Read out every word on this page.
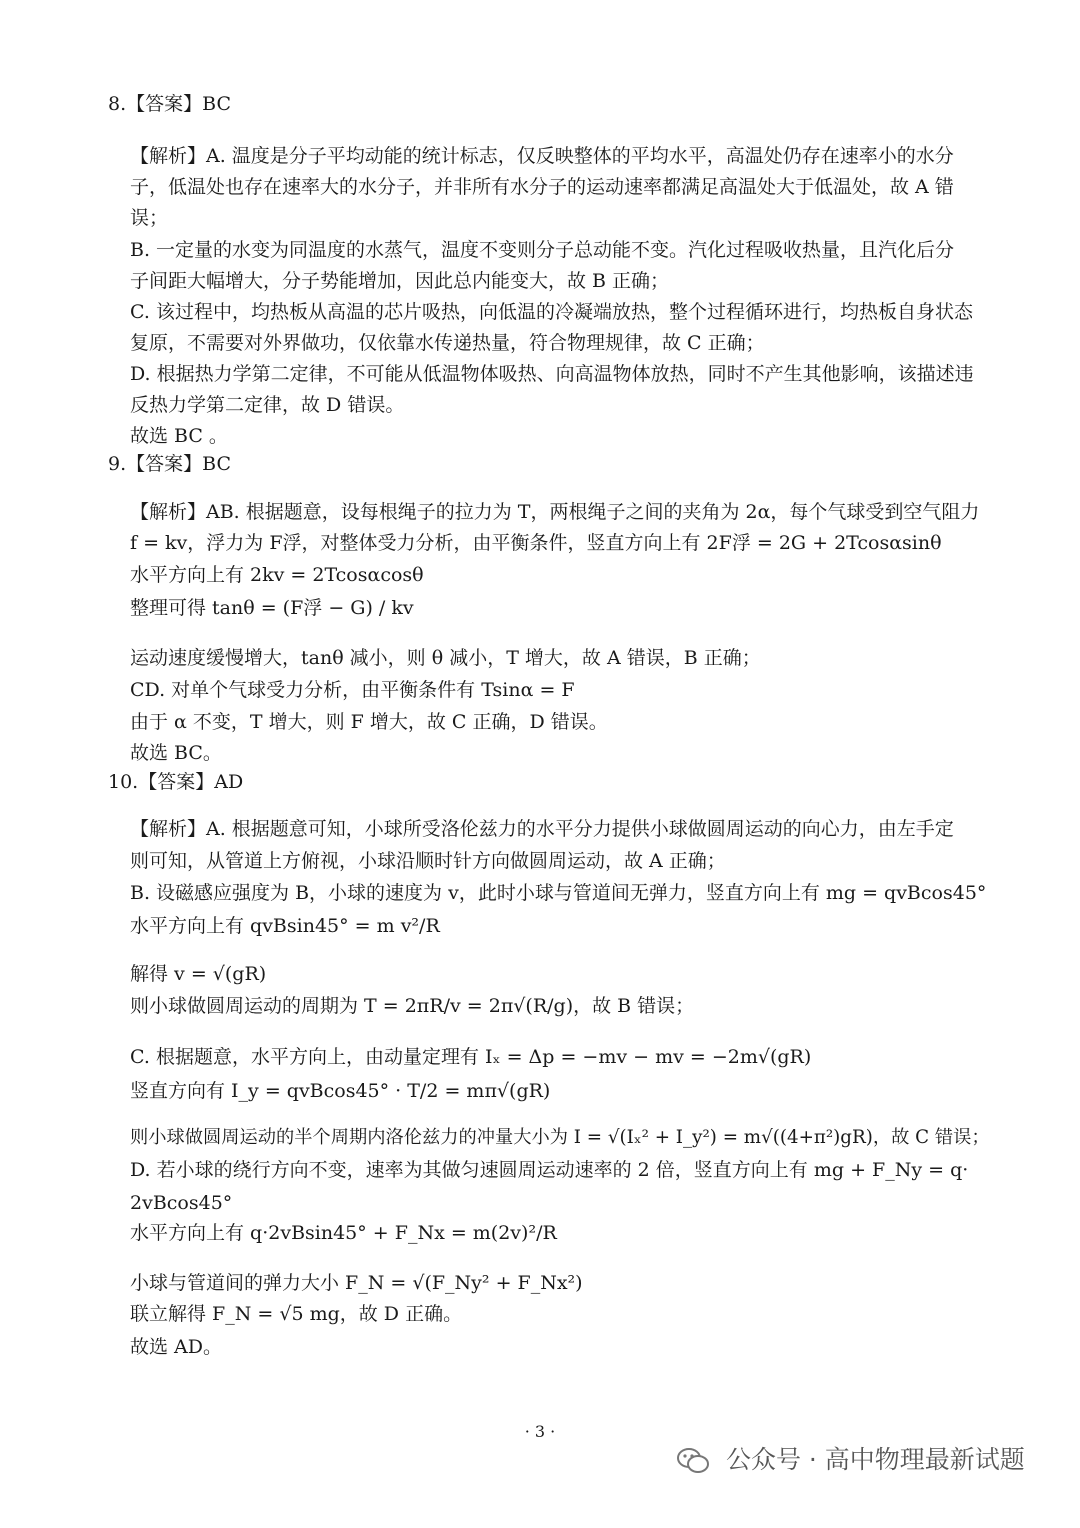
8.【答案】BC
【解析】A. 温度是分子平均动能的统计标志，仅反映整体的平均水平，高温处仍存在速率小的水分
子，低温处也存在速率大的水分子，并非所有水分子的运动速率都满足高温处大于低温处，故 A 错
误；
B. 一定量的水变为同温度的水蒸气，温度不变则分子总动能不变。汽化过程吸收热量，且汽化后分
子间距大幅增大，分子势能增加，因此总内能变大，故 B 正确；
C. 该过程中，均热板从高温的芯片吸热，向低温的冷凝端放热，整个过程循环进行，均热板自身状态
复原，不需要对外界做功，仅依靠水传递热量，符合物理规律，故 C 正确；
D. 根据热力学第二定律，不可能从低温物体吸热、向高温物体放热，同时不产生其他影响，该描述违
反热力学第二定律，故 D 错误。
故选 BC 。
9.【答案】BC
【解析】AB. 根据题意，设每根绳子的拉力为 T，两根绳子之间的夹角为 2α，每个气球受到空气阻力
f = kv，浮力为 F浮，对整体受力分析，由平衡条件，竖直方向上有 2F浮 = 2G + 2Tcosαsinθ
水平方向上有 2kv = 2Tcosαcosθ
整理可得 tanθ = (F浮 − G) / kv
运动速度缓慢增大，tanθ 减小，则 θ 减小，T 增大，故 A 错误，B 正确；
CD. 对单个气球受力分析，由平衡条件有 Tsinα = F
由于 α 不变，T 增大，则 F 增大，故 C 正确，D 错误。
故选 BC。
10.【答案】AD
【解析】A. 根据题意可知，小球所受洛伦兹力的水平分力提供小球做圆周运动的向心力，由左手定
则可知，从管道上方俯视，小球沿顺时针方向做圆周运动，故 A 正确；
B. 设磁感应强度为 B，小球的速度为 v，此时小球与管道间无弹力，竖直方向上有 mg = qvBcos45°
水平方向上有 qvBsin45° = m v²/R
解得 v = √(gR)
则小球做圆周运动的周期为 T = 2πR/v = 2π√(R/g)，故 B 错误；
C. 根据题意，水平方向上，由动量定理有 Iₓ = Δp = −mv − mv = −2m√(gR)
竖直方向有 I_y = qvBcos45° · T/2 = mπ√(gR)
则小球做圆周运动的半个周期内洛伦兹力的冲量大小为 I = √(Iₓ² + I_y²) = m√((4+π²)gR)，故 C 错误；
D. 若小球的绕行方向不变，速率为其做匀速圆周运动速率的 2 倍，竖直方向上有 mg + F_Ny = q·
2vBcos45°
水平方向上有 q·2vBsin45° + F_Nx = m(2v)²/R
小球与管道间的弹力大小 F_N = √(F_Ny² + F_Nx²)
联立解得 F_N = √5 mg，故 D 正确。
故选 AD。
· 3 ·
公众号 · 高中物理最新试题
